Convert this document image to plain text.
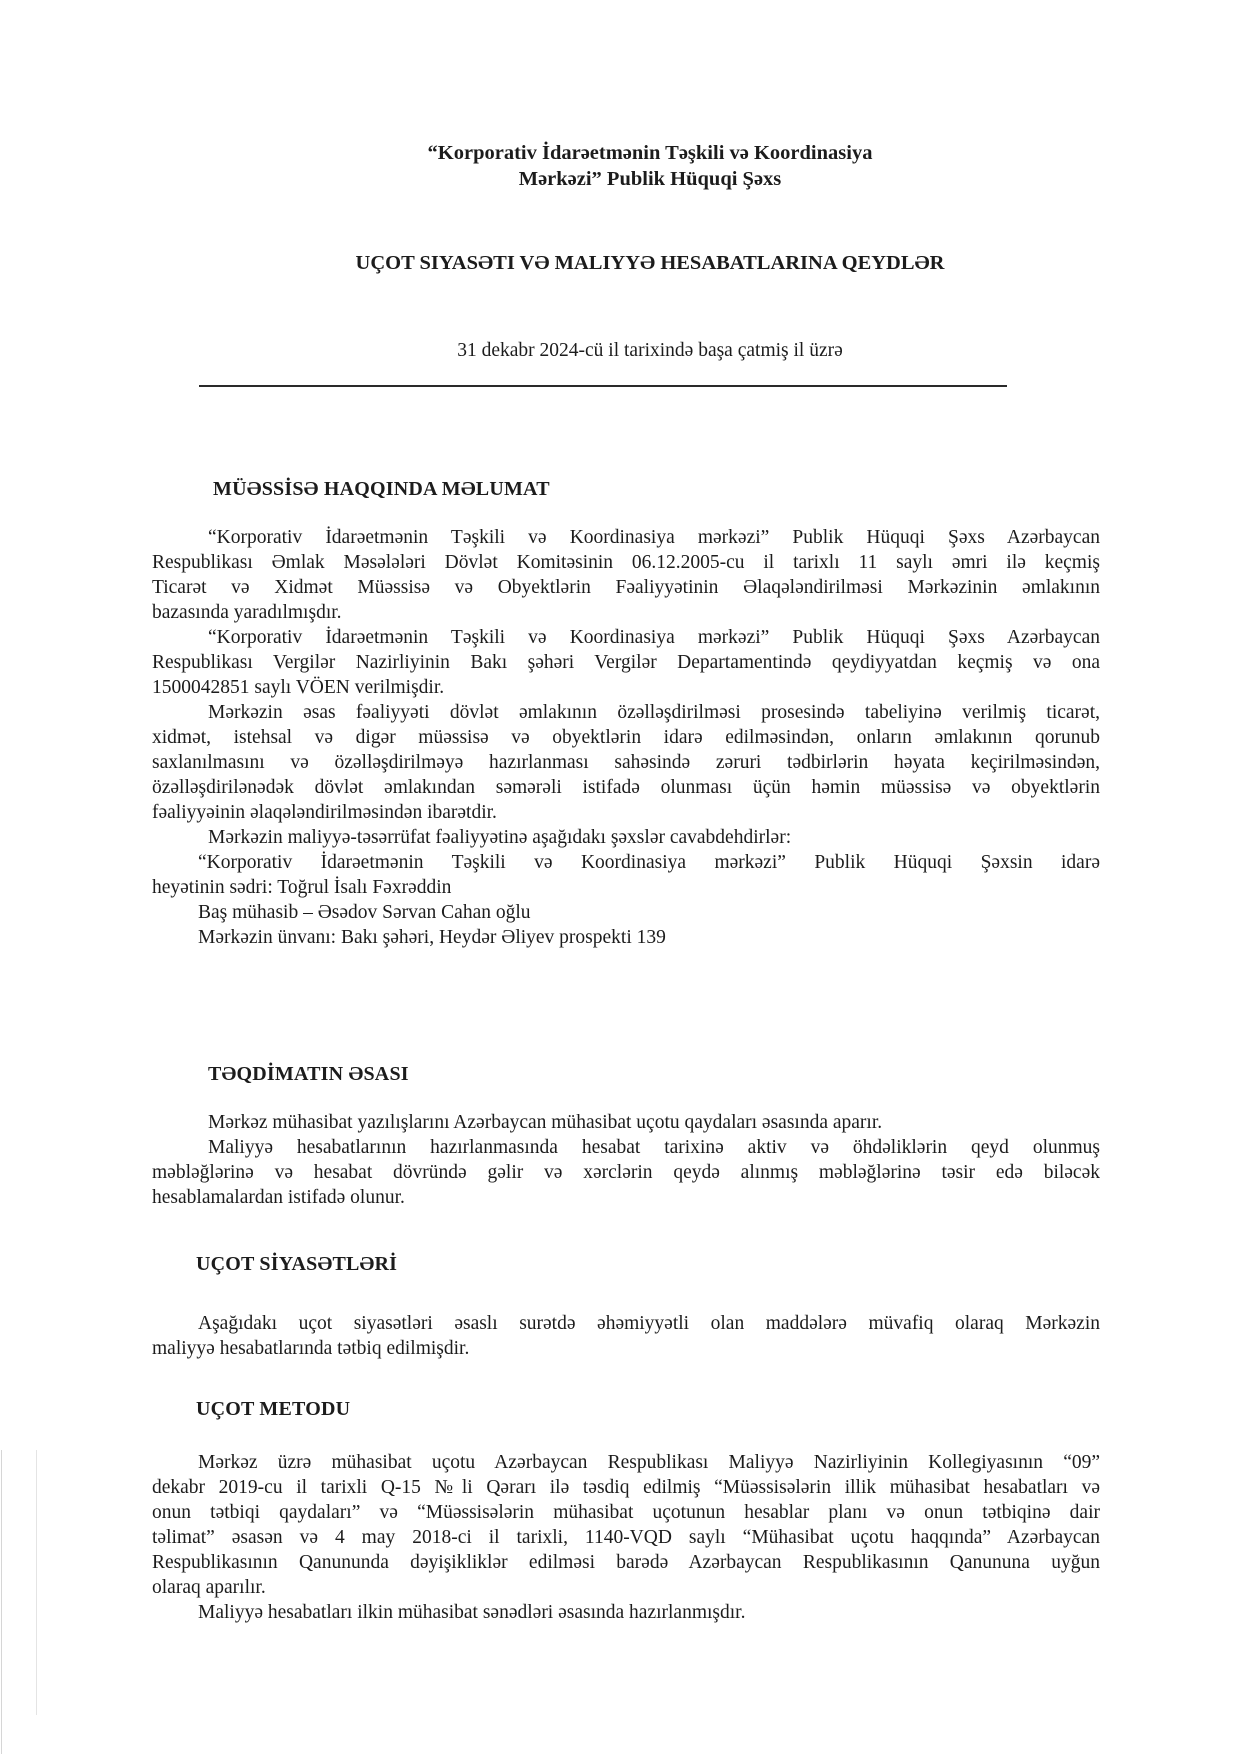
“Korporativ İdarəetmənin Təşkili və Koordinasiya
Mərkəzi” Publik Hüquqi Şəxs
UÇOT SIYASƏTI VƏ MALIYYƏ HESABATLARINA QEYDLƏR
31 dekabr 2024-cü il tarixində başa çatmiş il üzrə
MÜƏSSİSƏ HAQQINDA MƏLUMAT

“Korporativ İdarəetmənin Təşkili və Koordinasiya mərkəzi” Publik Hüquqi Şəxs Azərbaycan

Respublikası Əmlak Məsələləri Dövlət Komitəsinin 06.12.2005-cu il tarixlı 11 saylı əmri ilə keçmiş

Ticarət və Xidmət Müəssisə və Obyektlərin Fəaliyyətinin Əlaqələndirilməsi Mərkəzinin əmlakının

bazasında yaradılmışdır.

“Korporativ İdarəetmənin Təşkili və Koordinasiya mərkəzi” Publik Hüquqi Şəxs Azərbaycan

Respublikası Vergilər Nazirliyinin Bakı şəhəri Vergilər Departamentində qeydiyyatdan keçmiş və ona

1500042851 saylı VÖEN verilmişdir.

Mərkəzin əsas fəaliyyəti dövlət əmlakının özəlləşdirilməsi prosesində tabeliyinə verilmiş ticarət,

xidmət, istehsal və digər müəssisə və obyektlərin idarə edilməsindən, onların əmlakının qorunub

saxlanılmasını və özəlləşdirilməyə hazırlanması sahəsində zəruri tədbirlərin həyata keçirilməsindən,

özəlləşdirilənədək dövlət əmlakından səmərəli istifadə olunması üçün həmin müəssisə və obyektlərin

fəaliyyəinin əlaqələndirilməsindən ibarətdir.

Mərkəzin maliyyə-təsərrüfat fəaliyyətinə aşağıdakı şəxslər cavabdehdirlər:

“Korporativ İdarəetmənin Təşkili və Koordinasiya mərkəzi” Publik Hüquqi Şəxsin idarə

heyətinin sədri: Toğrul İsalı Fəxrəddin

Baş mühasib – Əsədov Sərvan Cahan oğlu

Mərkəzin ünvanı: Bakı şəhəri, Heydər Əliyev prospekti 139

TƏQDİMATIN ƏSASI

Mərkəz mühasibat yazılışlarını Azərbaycan mühasibat uçotu qaydaları əsasında aparır.

Maliyyə hesabatlarının hazırlanmasında hesabat tarixinə aktiv və öhdəliklərin qeyd olunmuş

məbləğlərinə və hesabat dövründə gəlir və xərclərin qeydə alınmış məbləğlərinə təsir edə biləcək

hesablamalardan istifadə olunur.

UÇOT SİYASƏTLƏRİ

Aşağıdakı uçot siyasətləri əsaslı surətdə əhəmiyyətli olan maddələrə müvafiq olaraq Mərkəzin

maliyyə hesabatlarında tətbiq edilmişdir.

UÇOT METODU

Mərkəz üzrə mühasibat uçotu Azərbaycan Respublikası Maliyyə Nazirliyinin Kollegiyasının “09”

dekabr 2019-cu il tarixli Q-15 №li Qərarı ilə təsdiq edilmiş “Müəssisələrin illik mühasibat hesabatları və

onun tətbiqi qaydaları” və “Müəssisələrin mühasibat uçotunun hesablar planı və onun tətbiqinə dair

təlimat” əsasən və 4 may 2018-ci il tarixli, 1140-VQD saylı “Mühasibat uçotu haqqında” Azərbaycan

Respublikasının Qanununda dəyişikliklər edilməsi barədə Azərbaycan Respublikasının Qanununa uyğun

olaraq aparılır.

Maliyyə hesabatları ilkin mühasibat sənədləri əsasında hazırlanmışdır.
